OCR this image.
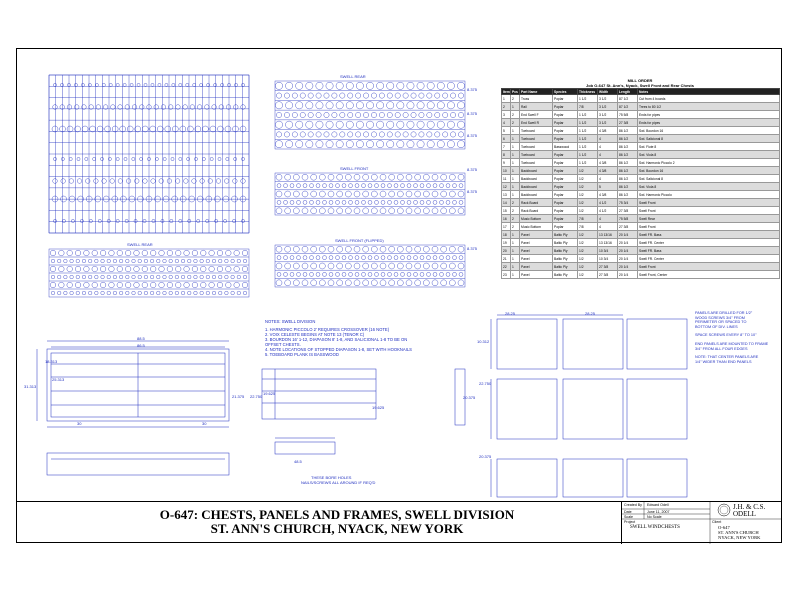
SWELL REAR
SWELL FRONT
SWELL REAR
SWELL FRONT (FLIPPED)
8.375
8.375
8.375
8.375
8.375
8.375
88.5
86.5
31.313
18.313
25.313
30	30
21.375 22.750
19.625
19.625
48.5
THESE BORE HOLES
NAILS/SCREWS ALL AROUND IF REQ'D
28.25	28.25
10.312
22.750
20.375
20.375
NOTES: SWELL DIVISION
1. HARMONIC PICCOLO 2' REQUIRES CROSSOVER (16 NOTE)
2. VOIX CELESTE BEGINS AT NOTE 13 (TENOR C)
3. BOURDON 16' 1-12, DIAPASON 8' 1-8, AND SALICIONAL 1-8 TO BE ON
OFFSET CHESTS.
4. NOTE LOCATIONS OF STOPPED DIAPASON 1-8, SET WITH HOOKNAILS
5. TOEBOARD PLANK IS BASSWOOD
PANELS ARE DRILLED FOR 1/2"
WOOD SCREWS 3/4" FROM
PERIMETER OR SPACED TO
BOTTOM OF DIV. LINES
SPACE SCREWS EVERY 8" TO 10"
END PANELS ARE MOUNTED TO FRAME
3/4" FROM ALL FOUR EDGES
NOTE: THAT CENTER PANELS ARE
1/4" WIDER THAN END PANELS
MILL ORDER
Job O-647 St. Ann's, Nyack, Swell Front and Rear Chests
Item	Pcs	Part Name	Species	Thickness	Width	Length	Notes
1	2	Truss	Poplar	1 1/2	3 1/2	87 1/2	Cut from 4 boards
2	1	Rail	Poplar	7/8	3 1/2	87 1/2	Trees to 80 1/2
3	2	End Swell F	Poplar	1 1/2	3 1/2	75 5/8	Ends for pipes
4	2	End Swell R	Poplar	1 1/2	3 1/2	27 3/8	Ends for pipes
5	1	Toeboard	Poplar	1 1/2	4 3/8	86 1/2	Swl. Bourdon 16
6	1	Toeboard	Poplar	1 1/2	4	86 1/2	Swl. Salicional 8
7	1	Toeboard	Basswood	1 1/2	4	86 1/2	Swl. Flute 8
8	1	Toeboard	Poplar	1 1/2	4	86 1/2	Swl. Viola 8
9	1	Toeboard	Poplar	1 1/2	4 3/8	86 1/2	Swl. Harmonic Piccolo 2
10	1	Backboard	Poplar	1/2	4 3/8	86 1/2	Swl. Bourdon 16
11	1	Backboard	Poplar	1/2	4	86 1/2	Swl. Salicional 8
12	1	Backboard	Poplar	1/2	5	86 1/2	Swl. Viola 8
13	1	Backboard	Poplar	1/2	4 3/8	86 1/2	Swl. Harmonic Piccolo
14	2	Rack Board	Poplar	1/2	4 1/2	75 3/4	Swell Front
15	2	Rack Board	Poplar	1/2	4 1/2	27 3/8	Swell Front
16	2	Music Bottom	Poplar	7/8	4	75 5/8	Swell Rear
17	2	Music Bottom	Poplar	7/8	4	27 3/8	Swell Front
18	1	Panel	Baltic Ply	1/2	13 13/16	20 1/4	Swell FR. Bass
19	1	Panel	Baltic Ply	1/2	13 13/16	20 1/4	Swell FR. Center
20	1	Panel	Baltic Ply	1/2	10 3/4	20 1/4	Swell FR. Bass
21	1	Panel	Baltic Ply	1/2	10 3/4	20 1/4	Swell FR. Center
22	1	Panel	Baltic Ply	1/2	27 3/8	20 1/4	Swell Front
23	1	Panel	Baltic Ply	1/2	27 3/8	20 1/4	Swell Front, Center
O-647: CHESTS, PANELS AND FRAMES, SWELL DIVISION
ST. ANN'S CHURCH, NYACK, NEW YORK
Created By Edward Odell
Date	June 11, 2007
Scale	No Scale
Project
SWELL WINDCHESTS
J.H. & C.S. ODELL
Client
O-647
ST. ANN'S CHURCH
NYACK, NEW YORK
